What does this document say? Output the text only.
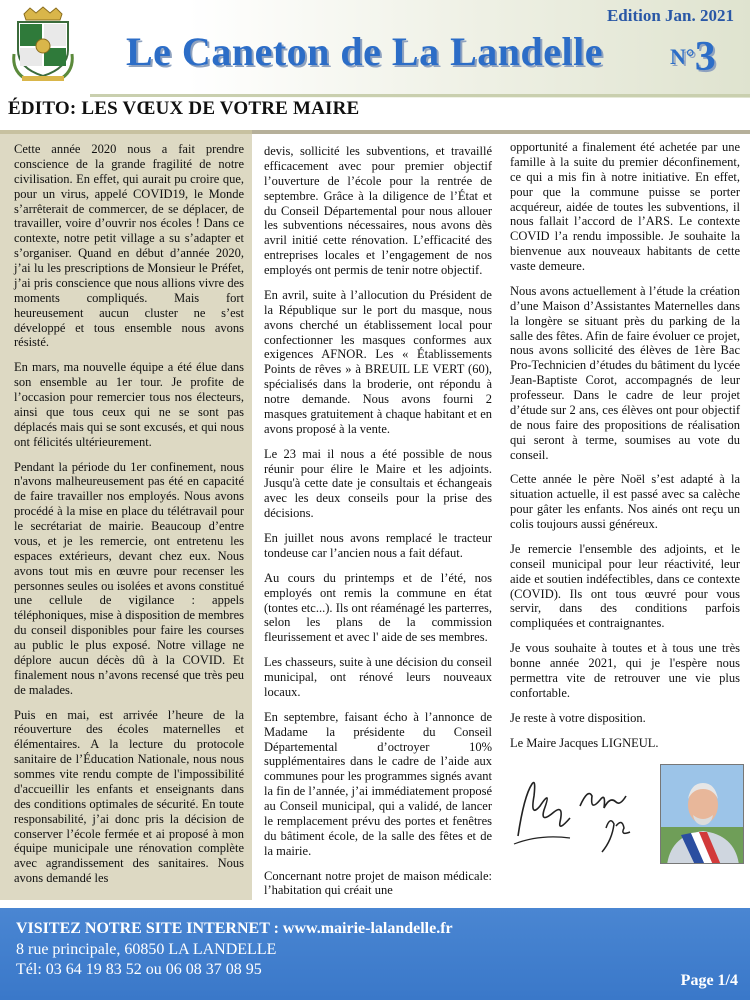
Edition Jan. 2021
Le Caneton de La Landelle	N°3
ÉDITO: LES VŒUX DE VOTRE MAIRE

Cette année 2020 nous a fait prendre conscience de la grande fragilité de notre civilisation. En effet, qui aurait pu croire que, pour un virus, appelé COVID19, le Monde s’arrêterait de commercer, de se déplacer, de travailler, voire d’ouvrir nos écoles ! Dans ce contexte, notre petit village a su s’adapter et s’organiser. Quand en début d’année 2020, j’ai lu les prescriptions de Monsieur le Préfet, j’ai pris conscience que nous allions vivre des moments compliqués. Mais fort heureusement aucun cluster ne s’est développé et tous ensemble nous avons résisté.

En mars, ma nouvelle équipe a été élue dans son ensemble au 1er tour. Je profite de l’occasion pour remercier tous nos électeurs, ainsi que tous ceux qui ne se sont pas déplacés mais qui se sont excusés, et qui nous ont félicités ultérieurement.

Pendant la période du 1er confinement, nous n'avons malheureusement pas été en capacité de faire travailler nos employés. Nous avons procédé à la mise en place du télétravail pour le secrétariat de mairie. Beaucoup d’entre vous, et je les remercie, ont entretenu les espaces extérieurs, devant chez eux. Nous avons tout mis en œuvre pour recenser les personnes seules ou isolées et avons constitué une cellule de vigilance : appels téléphoniques, mise à disposition de membres du conseil disponibles pour faire les courses au public le plus exposé. Notre village ne déplore aucun décès dû à la COVID. Et finalement nous n’avons recensé que très peu de malades.

Puis en mai, est arrivée l’heure de la réouverture des écoles maternelles et élémentaires. A la lecture du protocole sanitaire de l’Éducation Nationale, nous nous sommes vite rendu compte de l'impossibilité d'accueillir les enfants et enseignants dans des conditions optimales de sécurité. En toute responsabilité, j’ai donc pris la décision de conserver l’école fermée et ai proposé à mon équipe municipale une rénovation complète avec agrandissement des sanitaires. Nous avons demandé les

devis, sollicité les subventions, et travaillé efficacement avec pour premier objectif l’ouverture de l’école pour la rentrée de septembre. Grâce à la diligence de l’État et du Conseil Départemental pour nous allouer les subventions nécessaires, nous avons dès avril initié cette rénovation. L’efficacité des entreprises locales et l’engagement de nos employés ont permis de tenir notre objectif.

En avril, suite à l’allocution du Président de la République sur le port du masque, nous avons cherché un établissement local pour confectionner les masques conformes aux exigences AFNOR. Les « Établissements Points de rêves » à BREUIL LE VERT (60), spécialisés dans la broderie, ont répondu à notre demande. Nous avons fourni 2 masques gratuitement à chaque habitant et en avons proposé à la vente.

Le 23 mai il nous a été possible de nous réunir pour élire le Maire et les adjoints. Jusqu'à cette date je consultais et échangeais avec les deux conseils pour la prise des décisions.

En juillet nous avons remplacé le tracteur tondeuse car l’ancien nous a fait défaut.

Au cours du printemps et de l’été, nos employés ont remis la commune en état (tontes etc...). Ils ont réaménagé les parterres, selon les plans de la commission fleurissement et avec l' aide de ses membres.

Les chasseurs, suite à une décision du conseil municipal, ont rénové leurs nouveaux locaux.

En septembre, faisant écho à l’annonce de Madame la présidente du Conseil Départemental d’octroyer 10% supplémentaires dans le cadre de l’aide aux communes pour les programmes signés avant la fin de l’année, j’ai immédiatement proposé au Conseil municipal, qui a validé, de lancer le remplacement prévu des portes et fenêtres du bâtiment école, de la salle des fêtes et de la mairie.

Concernant notre projet de maison médicale: l’habitation qui créait une

opportunité a finalement été achetée par une famille à la suite du premier déconfinement, ce qui a mis fin à notre initiative. En effet, pour que la commune puisse se porter acquéreur, aidée de toutes les subventions, il nous fallait l’accord de l’ARS. Le contexte COVID l’a rendu impossible. Je souhaite la bienvenue aux nouveaux habitants de cette vaste demeure.

Nous avons actuellement à l’étude la création d’une Maison d’Assistantes Maternelles dans la longère se situant près du parking de la salle des fêtes. Afin de faire évoluer ce projet, nous avons sollicité des élèves de 1ère Bac Pro-Technicien d’études du bâtiment du lycée Jean-Baptiste Corot, accompagnés de leur professeur. Dans le cadre de leur projet d’étude sur 2 ans, ces élèves ont pour objectif de nous faire des propositions de réalisation qui seront à terme, soumises au vote du conseil.

Cette année le père Noël s’est adapté à la situation actuelle, il est passé avec sa calèche pour gâter les enfants. Nos ainés ont reçu un colis toujours aussi généreux.

Je remercie l'ensemble des adjoints, et le conseil municipal pour leur réactivité, leur aide et soutien indéfectibles, dans ce contexte (COVID). Ils ont tous œuvré pour vous servir, dans des conditions parfois compliquées et contraignantes.

Je vous souhaite à toutes et à tous une très bonne année 2021, qui je l'espère nous permettra vite de retrouver une vie plus confortable.

Je reste à votre disposition.

Le Maire Jacques LIGNEUL.

VISITEZ NOTRE SITE INTERNET : www.mairie-lalandelle.fr
8 rue principale, 60850 LA LANDELLE
Tél: 03 64 19 83 52 ou 06 08 37 08 95
Page 1/4
